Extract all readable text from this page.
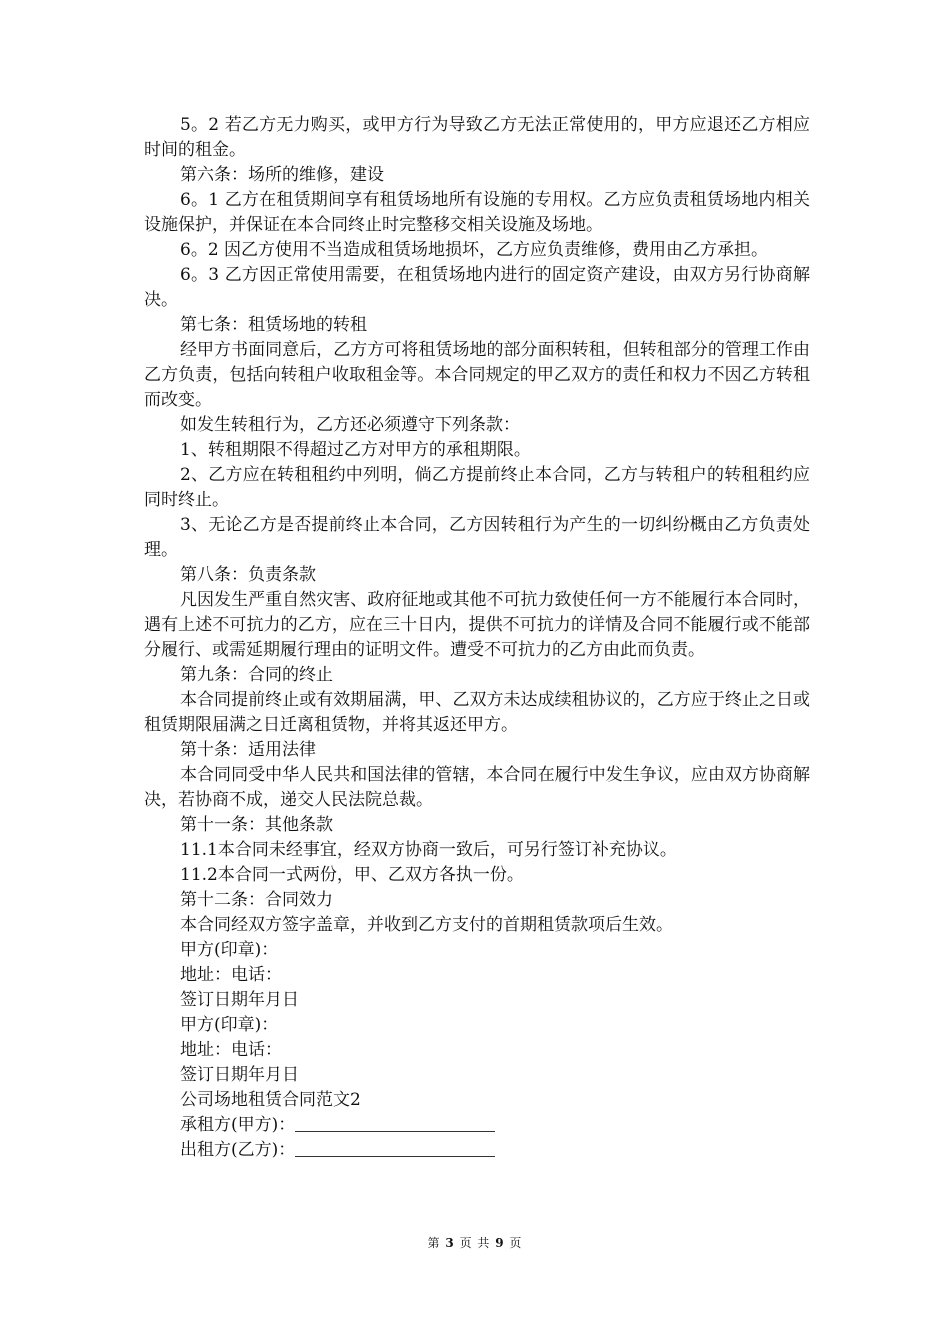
5。2 若乙方无力购买，或甲方行为导致乙方无法正常使用的，甲方应退还乙方相应时间的租金。

第六条：场所的维修，建设

6。1 乙方在租赁期间享有租赁场地所有设施的专用权。乙方应负责租赁场地内相关设施保护，并保证在本合同终止时完整移交相关设施及场地。

6。2 因乙方使用不当造成租赁场地损坏，乙方应负责维修，费用由乙方承担。

6。3 乙方因正常使用需要，在租赁场地内进行的固定资产建设，由双方另行协商解决。

第七条：租赁场地的转租

经甲方书面同意后，乙方方可将租赁场地的部分面积转租，但转租部分的管理工作由乙方负责，包括向转租户收取租金等。本合同规定的甲乙双方的责任和权力不因乙方转租而改变。

如发生转租行为，乙方还必须遵守下列条款：

1、转租期限不得超过乙方对甲方的承租期限。

2、乙方应在转租租约中列明，倘乙方提前终止本合同，乙方与转租户的转租租约应同时终止。

3、无论乙方是否提前终止本合同，乙方因转租行为产生的一切纠纷概由乙方负责处理。

第八条：负责条款

凡因发生严重自然灾害、政府征地或其他不可抗力致使任何一方不能履行本合同时，遇有上述不可抗力的乙方，应在三十日内，提供不可抗力的详情及合同不能履行或不能部分履行、或需延期履行理由的证明文件。遭受不可抗力的乙方由此而负责。

第九条：合同的终止

本合同提前终止或有效期届满，甲、乙双方未达成续租协议的，乙方应于终止之日或租赁期限届满之日迁离租赁物，并将其返还甲方。

第十条：适用法律

本合同同受中华人民共和国法律的管辖，本合同在履行中发生争议，应由双方协商解决，若协商不成，递交人民法院总裁。

第十一条：其他条款

11.1本合同未经事宜，经双方协商一致后，可另行签订补充协议。

11.2本合同一式两份，甲、乙双方各执一份。

第十二条：合同效力

本合同经双方签字盖章，并收到乙方支付的首期租赁款项后生效。

甲方(印章)：

地址：电话：

签订日期年月日

甲方(印章)：

地址：电话：

签订日期年月日

公司场地租赁合同范文2

承租方(甲方)：

出租方(乙方)：

第 3 页 共 9 页
